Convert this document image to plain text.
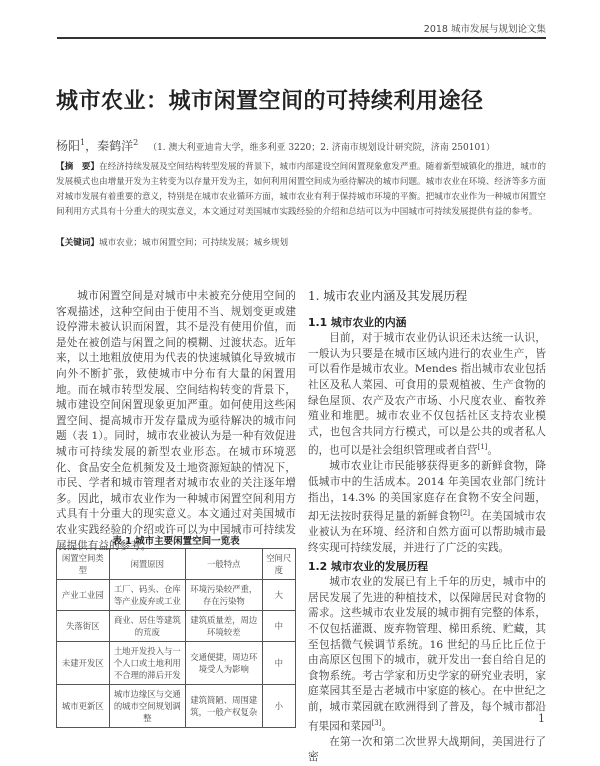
2018 城市发展与规划论文集
城市农业：城市闲置空间的可持续利用途径
杨阳$^1$，秦鹤洋$^2$ （1. 澳大利亚迪肯大学，维多利亚 3220；2. 济南市规划设计研究院，济南 250101）
【摘　要】在经济持续发展及空间结构转型发展的背景下，城市内部建设空间闲置现象愈发严重。随着新型城镇化的推进，城市的发展模式也由增量开发为主转变为以存量开发为主，如何利用闲置空间成为亟待解决的城市问题。城市农业在环境、经济等多方面对城市发展有着重要的意义，特别是在城市农业循环方面，城市农业有利于保持城市环境的平衡。把城市农业作为一种城市闲置空间利用方式具有十分重大的现实意义，本文通过对美国城市实践经验的介绍和总结可以为中国城市可持续发展提供有益的参考。
【关键词】城市农业；城市闲置空间；可持续发展；城乡规划

城市闲置空间是对城市中未被充分使用空间的客观描述，这种空间由于使用不当、规划变更或建设停滞未被认识而闲置，其不是没有使用价值，而是处在被创造与闲置之间的模糊、过渡状态。近年来，以土地粗放使用为代表的快速城镇化导致城市向外不断扩张，致使城市中分布有大量的闲置用地。而在城市转型发展、空间结构转变的背景下，城市建设空间闲置现象更加严重。如何使用这些闲置空间、提高城市开发存量成为亟待解决的城市问题（表 1）。同时，城市农业被认为是一种有效促进城市可持续发展的新型农业形态。在城市环境恶化、食品安全危机频发及土地资源短缺的情况下，市民、学者和城市管理者对城市农业的关注逐年增多。因此，城市农业作为一种城市闲置空间利用方式具有十分重大的现实意义。本文通过对美国城市农业实践经验的介绍或许可以为中国城市可持续发展提供有益的参考。

表 1 城市主要闲置空间一览表
闲置空间类型	闲置原因	一般特点	空间尺度
产业工业园	工厂、码头、仓库等产业废弃或工业	环境污染较严重，存在污染物	大
失落街区	商业、居住等建筑的荒废	建筑质量差，周边环境较差	中
未建开发区	土地开发投入与一个人口或土地利用不合理的滞后开发	交通便捷，周边环境受人为影响	中
城市更新区	城市边缘区与交通的城市空间规划调整	建筑简陋、周围建筑，一般产权复杂	小
1. 城市农业内涵及其发展历程
1.1 城市农业的内涵

目前，对于城市农业仍认识还未达统一认识，一般认为只要是在城市区域内进行的农业生产，皆可以看作是城市农业。Mendes 指出城市农业包括社区及私人菜园、可食用的景观植被、生产食物的绿色屋顶、农产及农产市场、小尺度农业、畜牧养殖业和堆肥。城市农业不仅包括社区支持农业模式，也包含共同方行模式，可以是公共的或者私人的，也可以是社会组织管理或者自营[1]。

城市农业让市民能够获得更多的新鲜食物，降低城市中的生活成本。2014 年美国农业部门统计指出，14.3% 的美国家庭存在食物不安全问题，却无法按时获得足量的新鲜食物[2]。在美国城市农业被认为在环境、经济和自然方面可以帮助城市最终实现可持续发展，并进行了广泛的实践。

1.2 城市农业的发展历程

城市农业的发展已有上千年的历史，城市中的居民发展了先进的种植技术，以保障居民对食物的需求。这些城市农业发展的城市拥有完整的体系，不仅包括灌溉、废弃物管理、梯田系统、贮藏，其至包括微气候调节系统。16 世纪的马丘比丘位于由高原区包围下的城市，就开发出一套自给自足的食物系统。考古学家和历史学家的研究业表明，家庭菜园其至是古老城市中家庭的核心。在中世纪之前，城市菜园就在欧洲得到了普及，每个城市都沿有果园和菜园[3]。

在第一次和第二次世界大战期间，美国进行了密

1
